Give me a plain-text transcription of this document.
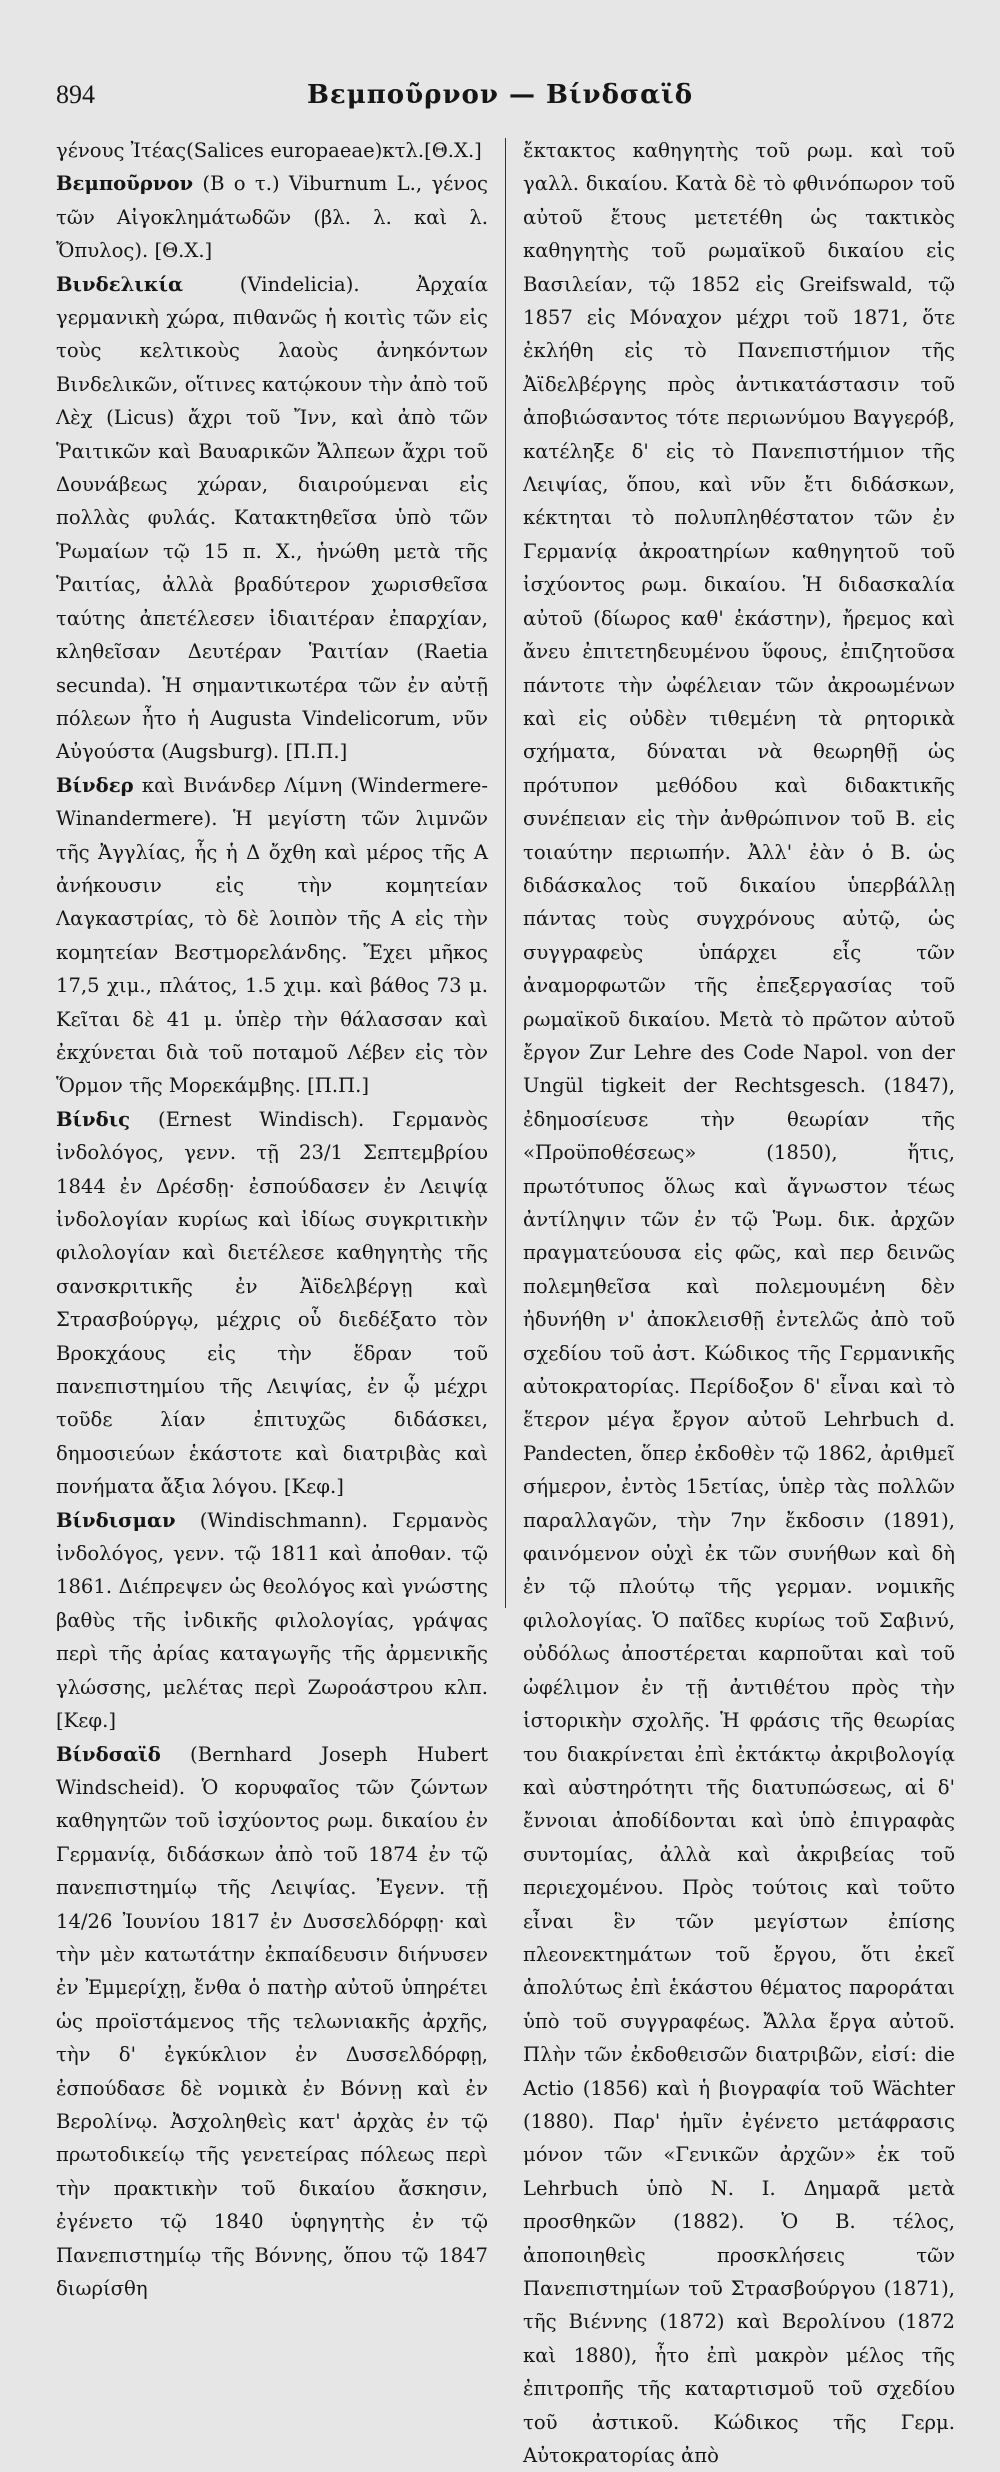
894	Βεμποῦρνον — Βίνδσαϊδ

γένους Ἰτέας(Salices europaeae)κτλ.[Θ.Χ.]

Βεμποῦρνον (Β ο τ.) Viburnum L., γένος τῶν Αἰγοκλημάτωδῶν (βλ. λ. καὶ λ. Ὄπυλος). [Θ.Χ.]

Βινδελικία (Vindelicia). Ἀρχαία γερμανικὴ χώρα, πιθανῶς ἡ κοιτὶς τῶν εἰς τοὺς κελτικοὺς λαοὺς ἀνηκόντων Βινδελικῶν, οἵτινες κατῴκουν τὴν ἀπὸ τοῦ Λὲχ (Licus) ἄχρι τοῦ Ἴνν, καὶ ἀπὸ τῶν Ῥαιτικῶν καὶ Βαυαρικῶν Ἄλπεων ἄχρι τοῦ Δουνάβεως χώραν, διαιρούμεναι εἰς πολλὰς φυλάς. Κατακτηθεῖσα ὑπὸ τῶν Ῥωμαίων τῷ 15 π. Χ., ἡνώθη μετὰ τῆς Ῥαιτίας, ἀλλὰ βραδύτερον χωρισθεῖσα ταύτης ἀπετέλεσεν ἰδιαιτέραν ἐπαρχίαν, κληθεῖσαν Δευτέραν Ῥαιτίαν (Raetia secunda). Ἡ σημαντικωτέρα τῶν ἐν αὐτῇ πόλεων ἦτο ἡ Augusta Vindelicorum, νῦν Αὐγούστα (Augsburg). [Π.Π.]

Βίνδερ καὶ Βινάνδερ Λίμνη (Windermere-Winandermere). Ἡ μεγίστη τῶν λιμνῶν τῆς Ἀγγλίας, ἧς ἡ Δ ὄχθη καὶ μέρος τῆς Α ἀνήκουσιν εἰς τὴν κομητείαν Λαγκαστρίας, τὸ δὲ λοιπὸν τῆς Α εἰς τὴν κομητείαν Βεστμορελάνδης. Ἔχει μῆκος 17,5 χιμ., πλάτος, 1.5 χιμ. καὶ βάθος 73 μ. Κεῖται δὲ 41 μ. ὑπὲρ τὴν θάλασσαν καὶ ἐκχύνεται διὰ τοῦ ποταμοῦ Λέβεν εἰς τὸν Ὅρμον τῆς Μορεκάμβης. [Π.Π.]

Βίνδις (Ernest Windisch). Γερμανὸς ἰνδολόγος, γενν. τῇ 23/1 Σεπτεμβρίου 1844 ἐν Δρέσδῃ· ἐσπούδασεν ἐν Λειψίᾳ ἰνδολογίαν κυρίως καὶ ἰδίως συγκριτικὴν φιλολογίαν καὶ διετέλεσε καθηγητὴς τῆς σανσκριτικῆς ἐν Ἀϊδελβέργῃ καὶ Στρασβούργῳ, μέχρις οὗ διεδέξατο τὸν Βροκχάους εἰς τὴν ἕδραν τοῦ πανεπιστημίου τῆς Λειψίας, ἐν ᾧ μέχρι τοῦδε λίαν ἐπιτυχῶς διδάσκει, δημοσιεύων ἑκάστοτε καὶ διατριβὰς καὶ πονήματα ἄξια λόγου. [Κεφ.]

Βίνδισμαν (Windischmann). Γερμανὸς ἰνδολόγος, γενν. τῷ 1811 καὶ ἀποθαν. τῷ 1861. Διέπρεψεν ὡς θεολόγος καὶ γνώστης βαθὺς τῆς ἰνδικῆς φιλολογίας, γράψας περὶ τῆς ἀρίας καταγωγῆς τῆς ἀρμενικῆς γλώσσης, μελέτας περὶ Ζωροάστρου κλπ. [Κεφ.]

Βίνδσαϊδ (Bernhard Joseph Hubert Windscheid). Ὁ κορυφαῖος τῶν ζώντων καθηγητῶν τοῦ ἰσχύοντος ρωμ. δικαίου ἐν Γερμανίᾳ, διδάσκων ἀπὸ τοῦ 1874 ἐν τῷ πανεπιστημίῳ τῆς Λειψίας. Ἐγενν. τῇ 14/26 Ἰουνίου 1817 ἐν Δυσσελδόρφῃ· καὶ τὴν μὲν κατωτάτην ἐκπαίδευσιν διήνυσεν ἐν Ἐμμερίχῃ, ἔνθα ὁ πατὴρ αὐτοῦ ὑπηρέτει ὡς προϊστάμενος τῆς τελωνιακῆς ἀρχῆς, τὴν δ' ἐγκύκλιον ἐν Δυσσελδόρφῃ, ἐσπούδασε δὲ νομικὰ ἐν Βόννῃ καὶ ἐν Βερολίνῳ. Ἀσχοληθεὶς κατ' ἀρχὰς ἐν τῷ πρωτοδικείῳ τῆς γενετείρας πόλεως περὶ τὴν πρακτικὴν τοῦ δικαίου ἄσκησιν, ἐγένετο τῷ 1840 ὑφηγητὴς ἐν τῷ Πανεπιστημίῳ τῆς Βόννης, ὅπου τῷ 1847 διωρίσθη

ἔκτακτος καθηγητὴς τοῦ ρωμ. καὶ τοῦ γαλλ. δικαίου. Κατὰ δὲ τὸ φθινόπωρον τοῦ αὐτοῦ ἔτους μετετέθη ὡς τακτικὸς καθηγητὴς τοῦ ρωμαϊκοῦ δικαίου εἰς Βασιλείαν, τῷ 1852 εἰς Greifswald, τῷ 1857 εἰς Μόναχον μέχρι τοῦ 1871, ὅτε ἐκλήθη εἰς τὸ Πανεπιστήμιον τῆς Ἀϊδελβέργης πρὸς ἀντικατάστασιν τοῦ ἀποβιώσαντος τότε περιωνύμου Βαγγερόβ, κατέληξε δ' εἰς τὸ Πανεπιστήμιον τῆς Λειψίας, ὅπου, καὶ νῦν ἔτι διδάσκων, κέκτηται τὸ πολυπληθέστατον τῶν ἐν Γερμανίᾳ ἀκροατηρίων καθηγητοῦ τοῦ ἰσχύοντος ρωμ. δικαίου. Ἡ διδασκαλία αὐτοῦ (δίωρος καθ' ἑκάστην), ἤρεμος καὶ ἄνευ ἐπιτετηδευμένου ὕφους, ἐπιζητοῦσα πάντοτε τὴν ὠφέλειαν τῶν ἀκροωμένων καὶ εἰς οὐδὲν τιθεμένη τὰ ρητορικὰ σχήματα, δύναται νὰ θεωρηθῇ ὡς πρότυπον μεθόδου καὶ διδακτικῆς συνέπειαν εἰς τὴν ἀνθρώπινον τοῦ Β. εἰς τοιαύτην περιωπήν. Ἀλλ' ἐὰν ὁ Β. ὡς διδάσκαλος τοῦ δικαίου ὑπερβάλλῃ πάντας τοὺς συγχρόνους αὐτῷ, ὡς συγγραφεὺς ὑπάρχει εἷς τῶν ἀναμορφωτῶν τῆς ἐπεξεργασίας τοῦ ρωμαϊκοῦ δικαίου. Μετὰ τὸ πρῶτον αὐτοῦ ἔργον Zur Lehre des Code Napol. von der Ungül tigkeit der Rechtsgesch. (1847), ἐδημοσίευσε τὴν θεωρίαν τῆς «Προϋποθέσεως» (1850), ἥτις, πρωτότυπος ὅλως καὶ ἄγνωστον τέως ἀντίληψιν τῶν ἐν τῷ Ῥωμ. δικ. ἀρχῶν πραγματεύουσα εἰς φῶς, καὶ περ δεινῶς πολεμηθεῖσα καὶ πολεμουμένη δὲν ἠδυνήθη ν' ἀποκλεισθῇ ἐντελῶς ἀπὸ τοῦ σχεδίου τοῦ ἀστ. Κώδικος τῆς Γερμανικῆς αὐτοκρατορίας. Περίδοξον δ' εἶναι καὶ τὸ ἕτερον μέγα ἔργον αὐτοῦ Lehrbuch d. Pandecten, ὅπερ ἐκδοθὲν τῷ 1862, ἀριθμεῖ σήμερον, ἐντὸς 15ετίας, ὑπὲρ τὰς πολλῶν παραλλαγῶν, τὴν 7ην ἔκδοσιν (1891), φαινόμενον οὐχὶ ἐκ τῶν συνήθων καὶ δὴ ἐν τῷ πλούτῳ τῆς γερμαν. νομικῆς φιλολογίας. Ὁ παῖδες κυρίως τοῦ Σαβινύ, οὐδόλως ἀποστέρεται καρποῦται καὶ τοῦ ὠφέλιμον ἐν τῇ ἀντιθέτου πρὸς τὴν ἱστορικὴν σχολῆς. Ἡ φράσις τῆς θεωρίας του διακρίνεται ἐπὶ ἐκτάκτῳ ἀκριβολογίᾳ καὶ αὐστηρότητι τῆς διατυπώσεως, αἱ δ' ἔννοιαι ἀποδίδονται καὶ ὑπὸ ἐπιγραφὰς συντομίας, ἀλλὰ καὶ ἀκριβείας τοῦ περιεχομένου. Πρὸς τούτοις καὶ τοῦτο εἶναι ἓν τῶν μεγίστων ἐπίσης πλεονεκτημάτων τοῦ ἔργου, ὅτι ἐκεῖ ἀπολύτως ἐπὶ ἑκάστου θέματος παροράται ὑπὸ τοῦ συγγραφέως. Ἄλλα ἔργα αὐτοῦ. Πλὴν τῶν ἐκδοθεισῶν διατριβῶν, εἰσί: die Actio (1856) καὶ ἡ βιογραφία τοῦ Wächter (1880). Παρ' ἡμῖν ἐγένετο μετάφρασις μόνον τῶν «Γενικῶν ἀρχῶν» ἐκ τοῦ Lehrbuch ὑπὸ Ν. Ι. Δημαρᾶ μετὰ προσθηκῶν (1882). Ὁ Β. τέλος, ἀποποιηθεὶς προσκλήσεις τῶν Πανεπιστημίων τοῦ Στρασβούργου (1871), τῆς Βιέννης (1872) καὶ Βερολίνου (1872 καὶ 1880), ἦτο ἐπὶ μακρὸν μέλος τῆς ἐπιτροπῆς τῆς καταρτισμοῦ τοῦ σχεδίου τοῦ ἀστικοῦ. Κώδικος τῆς Γερμ. Αὐτοκρατορίας ἀπὸ
